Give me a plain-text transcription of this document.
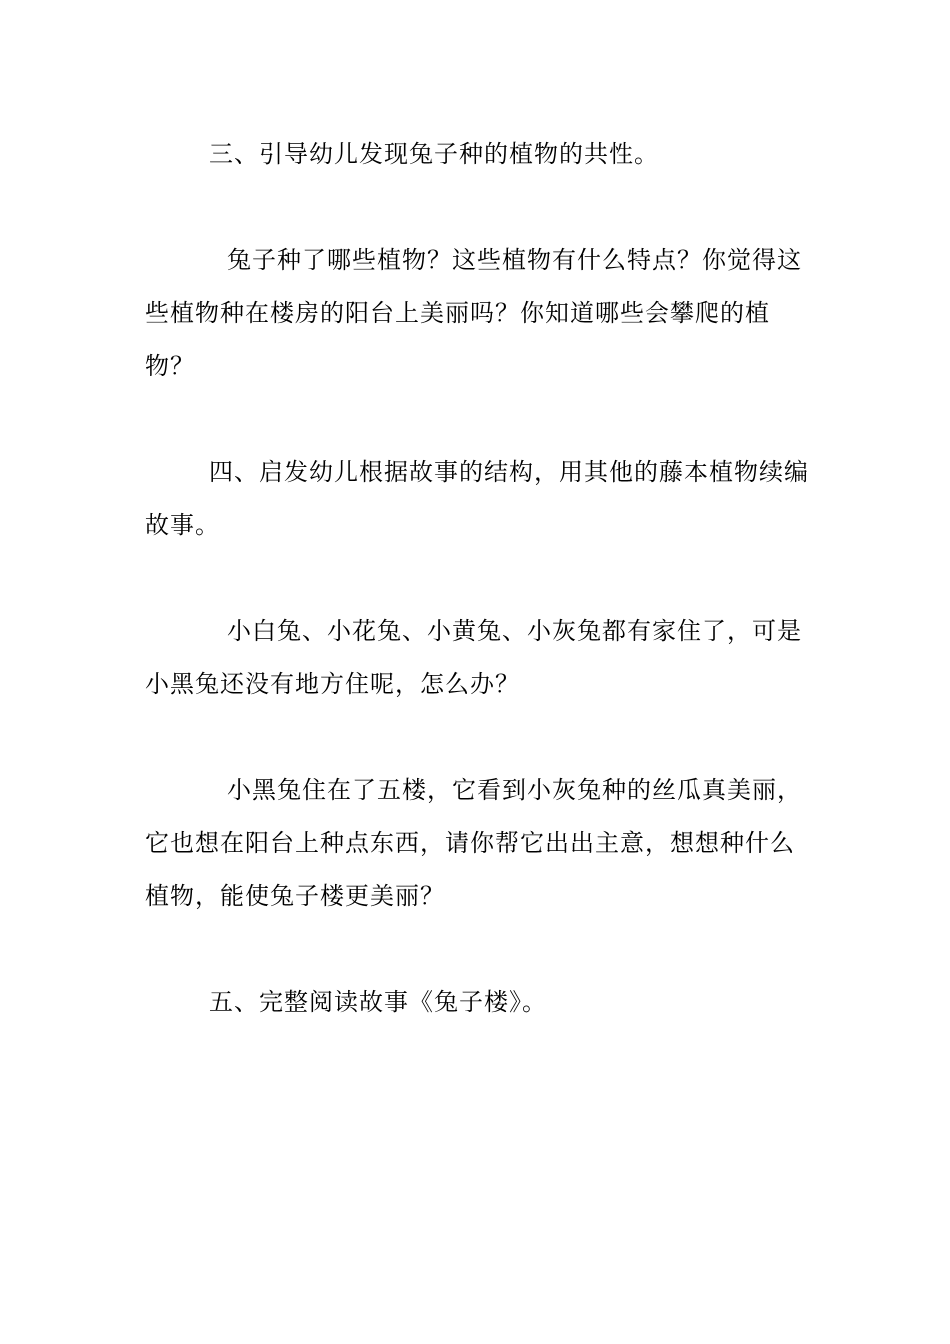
三、引导幼儿发现兔子种的植物的共性。

兔子种了哪些植物？这些植物有什么特点？你觉得这些植物种在楼房的阳台上美丽吗？你知道哪些会攀爬的植物？

四、启发幼儿根据故事的结构，用其他的藤本植物续编故事。

小白兔、小花兔、小黄兔、小灰兔都有家住了，可是小黑兔还没有地方住呢，怎么办？

小黑兔住在了五楼，它看到小灰兔种的丝瓜真美丽，它也想在阳台上种点东西，请你帮它出出主意，想想种什么植物，能使兔子楼更美丽？

五、完整阅读故事《兔子楼》。
